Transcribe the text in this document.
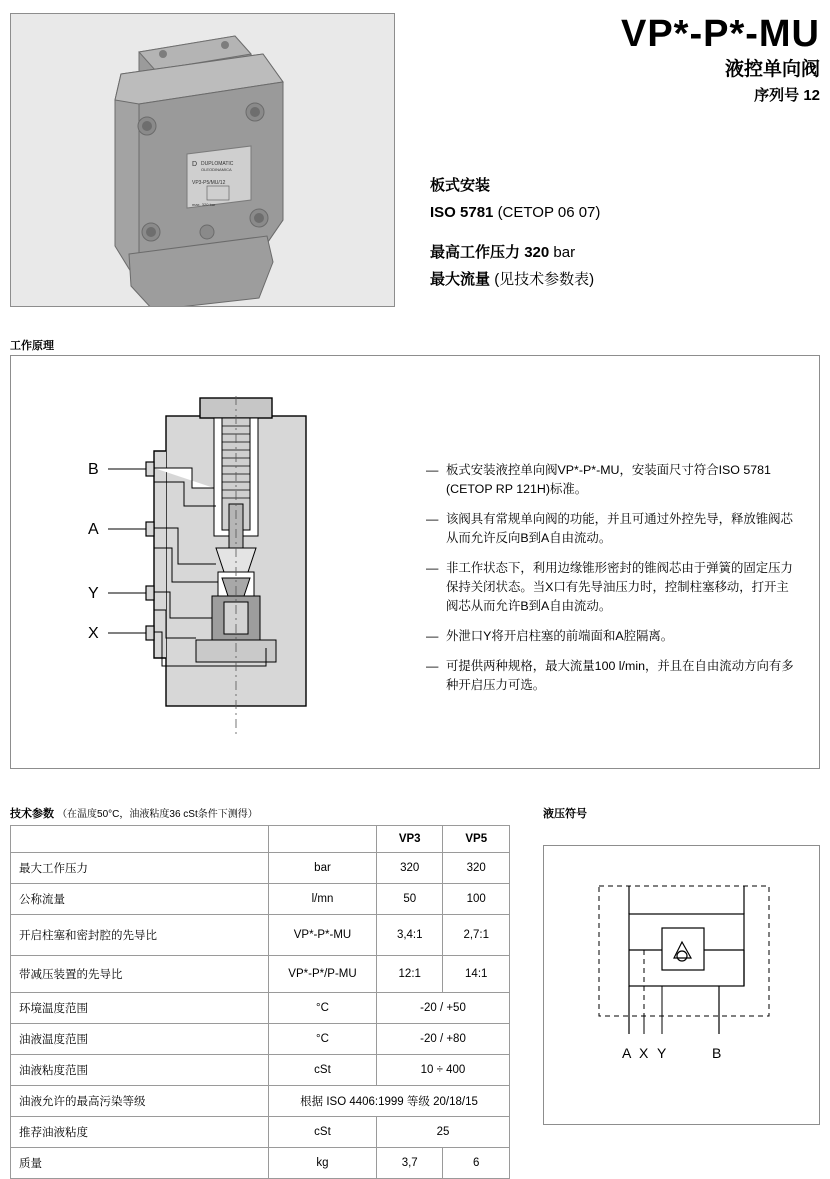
D DUPLOMATIC
OLEODINAMICA
VP3-P5/MU/12
max. 320 bar
VP*-P*-MU
液控单向阀
序列号 12
板式安装
ISO 5781 (CETOP 06 07)
最高工作压力 320 bar
最大流量 (见技术参数表)
工作原理
B
A
Y
X
— 板式安装液控单向阀VP*-P*-MU，安装面尺寸符合ISO 5781 (CETOP RP 121H)标准。
— 该阀具有常规单向阀的功能，并且可通过外控先导，释放锥阀芯从而允许反向B到A自由流动。
— 非工作状态下，利用边缘锥形密封的锥阀芯由于弹簧的固定压力保持关闭状态。当X口有先导油压力时，控制柱塞移动，打开主阀芯从而允许B到A自由流动。
— 外泄口Y将开启柱塞的前端面和A腔隔离。
— 可提供两种规格，最大流量100 l/min，并且在自由流动方向有多种开启压力可选。
技术参数 （在温度50°C，油液粘度36 cSt条件下测得）
		VP3	VP5
最大工作压力	bar	320	320
公称流量	l/mn	50	100
开启柱塞和密封腔的先导比	VP*-P*-MU	3,4:1	2,7:1
带减压装置的先导比	VP*-P*/P-MU	12:1	14:1
环境温度范围	°C	-20 / +50	
油液温度范围	°C	-20 / +80	
油液粘度范围	cSt	10 ÷ 400	
油液允许的最高污染等级	根据 ISO 4406:1999 等级 20/18/15		
推荐油液粘度	cSt	25	
质量	kg	3,7	6
液压符号
A X Y	B
